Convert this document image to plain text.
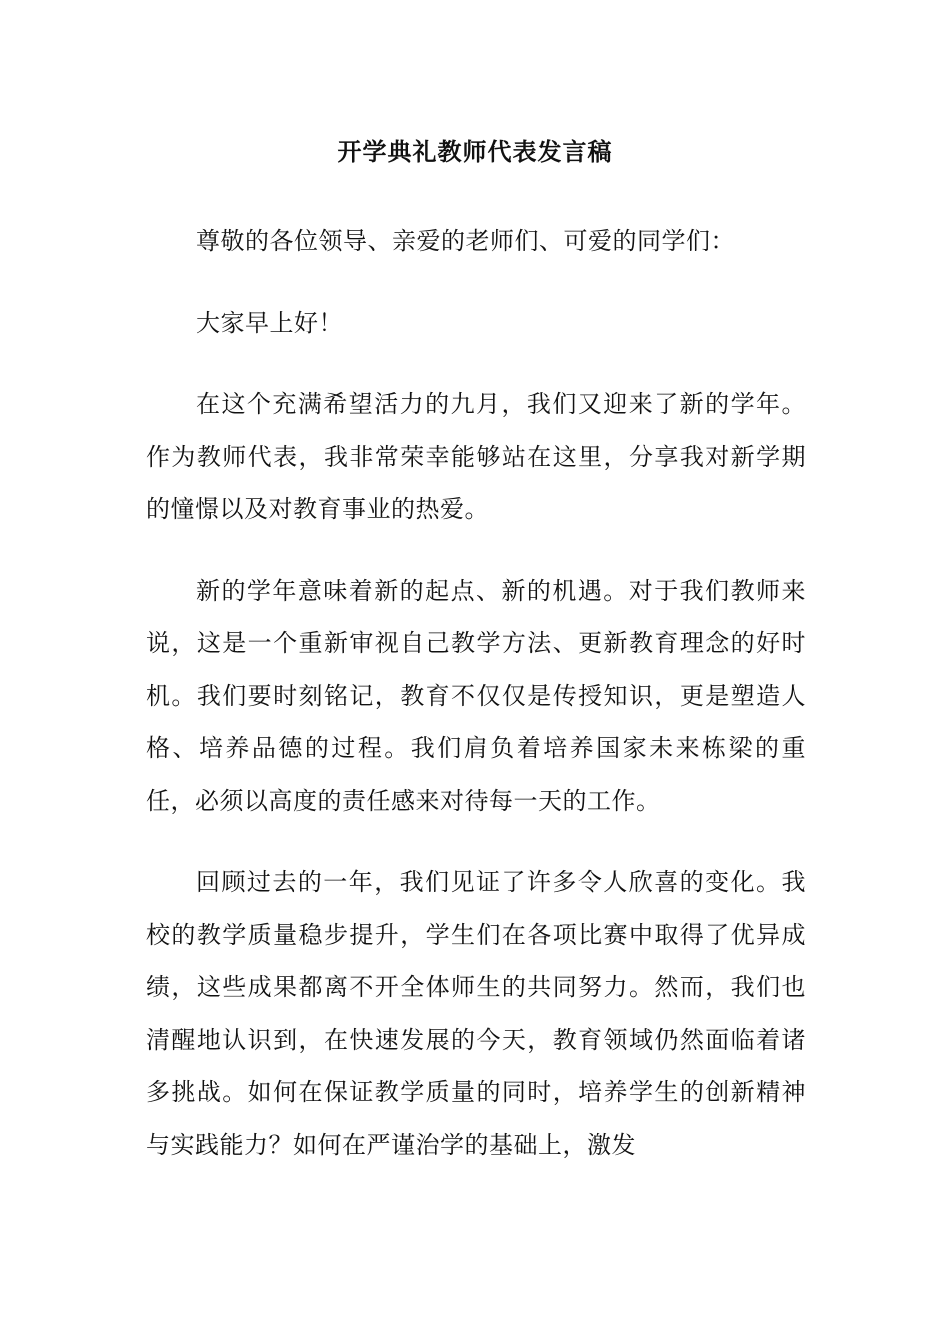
开学典礼教师代表发言稿

尊敬的各位领导、亲爱的老师们、可爱的同学们：

大家早上好！

在这个充满希望活力的九月，我们又迎来了新的学年。作为教师代表，我非常荣幸能够站在这里，分享我对新学期的憧憬以及对教育事业的热爱。

新的学年意味着新的起点、新的机遇。对于我们教师来说，这是一个重新审视自己教学方法、更新教育理念的好时机。我们要时刻铭记，教育不仅仅是传授知识，更是塑造人格、培养品德的过程。我们肩负着培养国家未来栋梁的重任，必须以高度的责任感来对待每一天的工作。

回顾过去的一年，我们见证了许多令人欣喜的变化。我校的教学质量稳步提升，学生们在各项比赛中取得了优异成绩，这些成果都离不开全体师生的共同努力。然而，我们也清醒地认识到，在快速发展的今天，教育领域仍然面临着诸多挑战。如何在保证教学质量的同时，培养学生的创新精神与实践能力？如何在严谨治学的基础上，激发
